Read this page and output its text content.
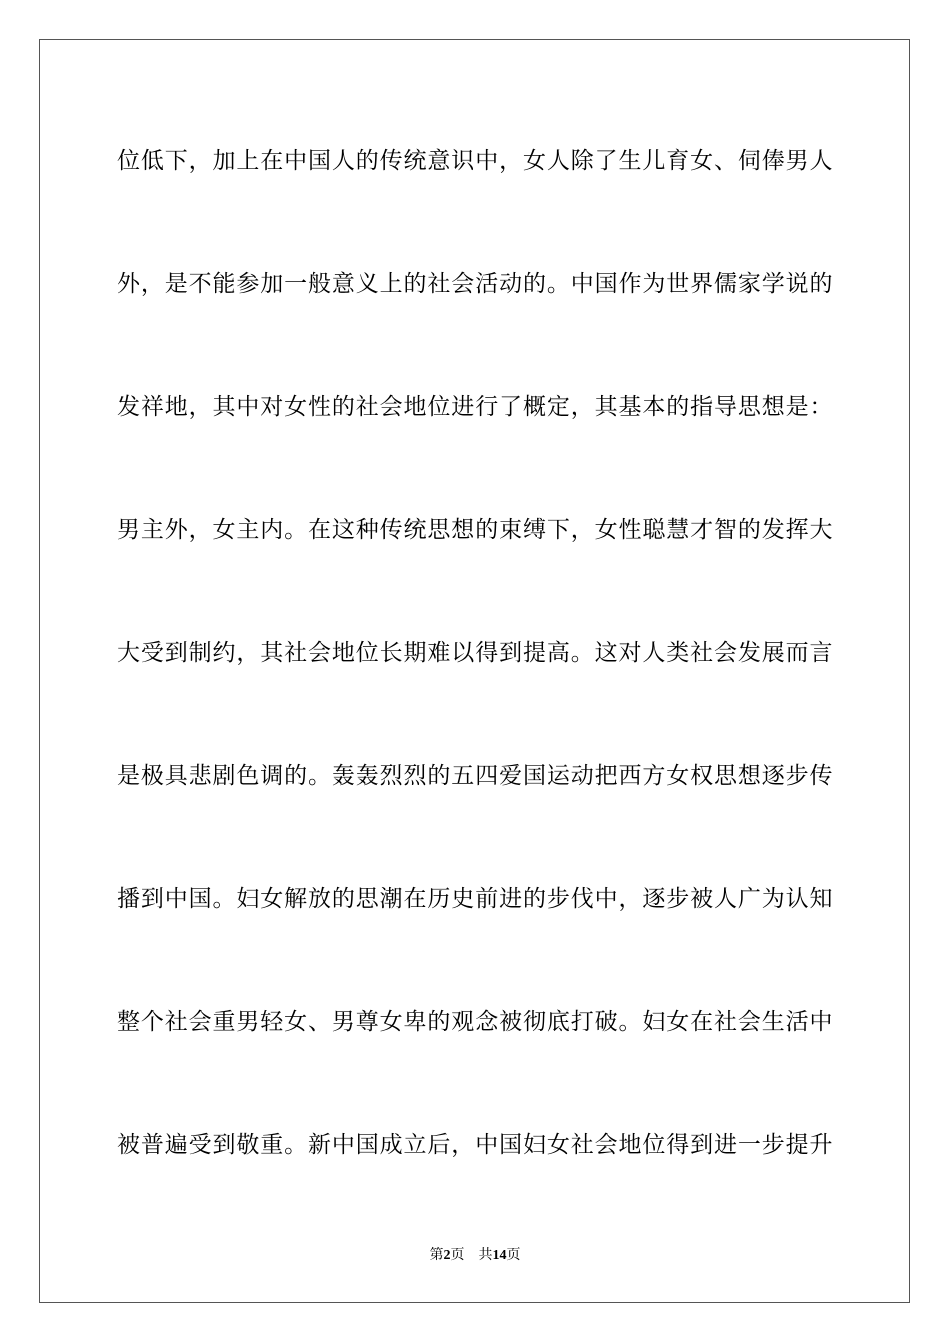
位低下，加上在中国人的传统意识中，女人除了生儿育女、伺俸男人
外，是不能参加一般意义上的社会活动的。中国作为世界儒家学说的
发祥地，其中对女性的社会地位进行了概定，其基本的指导思想是：
男主外，女主内。在这种传统思想的束缚下，女性聪慧才智的发挥大
大受到制约，其社会地位长期难以得到提高。这对人类社会发展而言
是极具悲剧色调的。轰轰烈烈的五四爱国运动把西方女权思想逐步传
播到中国。妇女解放的思潮在历史前进的步伐中，逐步被人广为认知
整个社会重男轻女、男尊女卑的观念被彻底打破。妇女在社会生活中
被普遍受到敬重。新中国成立后，中国妇女社会地位得到进一步提升
第2页 共14页
